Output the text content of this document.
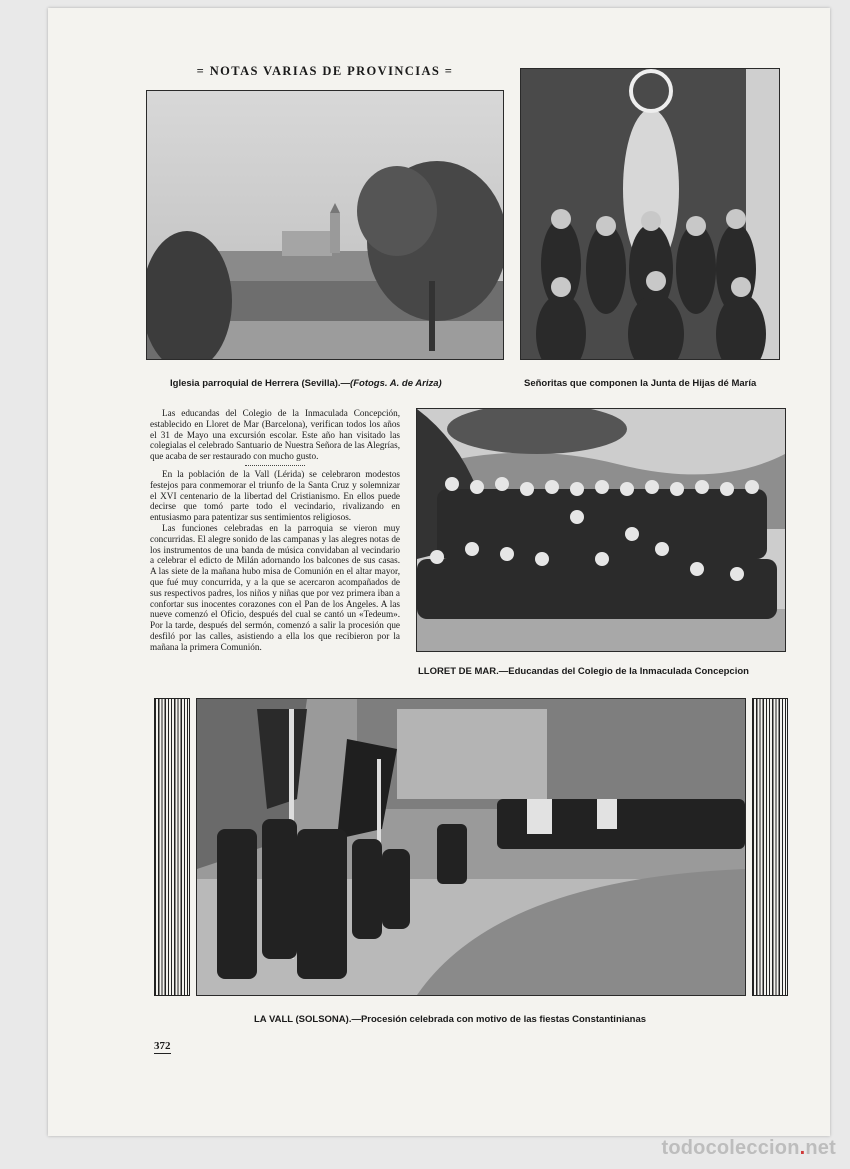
= NOTAS VARIAS DE PROVINCIAS =
Iglesia parroquial de Herrera (Sevilla).—(Fotogs. A. de Ariza)	Señoritas que componen la Junta de Hijas dé María

Las educandas del Colegio de la Inmaculada Concepción, establecido en Lloret de Mar (Barcelona), verifican todos los años el 31 de Mayo una excursión escolar. Este año han visitado las colegialas el celebrado Santuario de Nuestra Señora de las Alegrías, que acaba de ser restaurado con mucho gusto.

En la población de la Vall (Lérida) se celebraron modestos festejos para conmemorar el triunfo de la Santa Cruz y solemnizar el XVI centenario de la libertad del Cristianismo. En ellos puede decirse que tomó parte todo el vecindario, rivalizando en entusiasmo para patentizar sus sentimientos religiosos.

Las funciones celebradas en la parroquia se vieron muy concurridas. El alegre sonido de las campanas y las alegres notas de los instrumentos de una banda de música convidaban al vecindario a celebrar el edicto de Milán adornando los balcones de sus casas. A las siete de la mañana hubo misa de Comunión en el altar mayor, que fué muy concurrida, y a la que se acercaron acompañados de sus respectivos padres, los niños y niñas que por vez primera iban a confortar sus inocentes corazones con el Pan de los Angeles. A las nueve comenzó el Oficio, después del cual se cantó un «Tedeum». Por la tarde, después del sermón, comenzó a salir la procesión que desfiló por las calles, asistiendo a ella los que recibieron por la mañana la primera Comunión.

LLORET DE MAR.—Educandas del Colegio de la Inmaculada Concepcion
LA VALL (SOLSONA).—Procesión celebrada con motivo de las fiestas Constantinianas
372
todocoleccion.net
